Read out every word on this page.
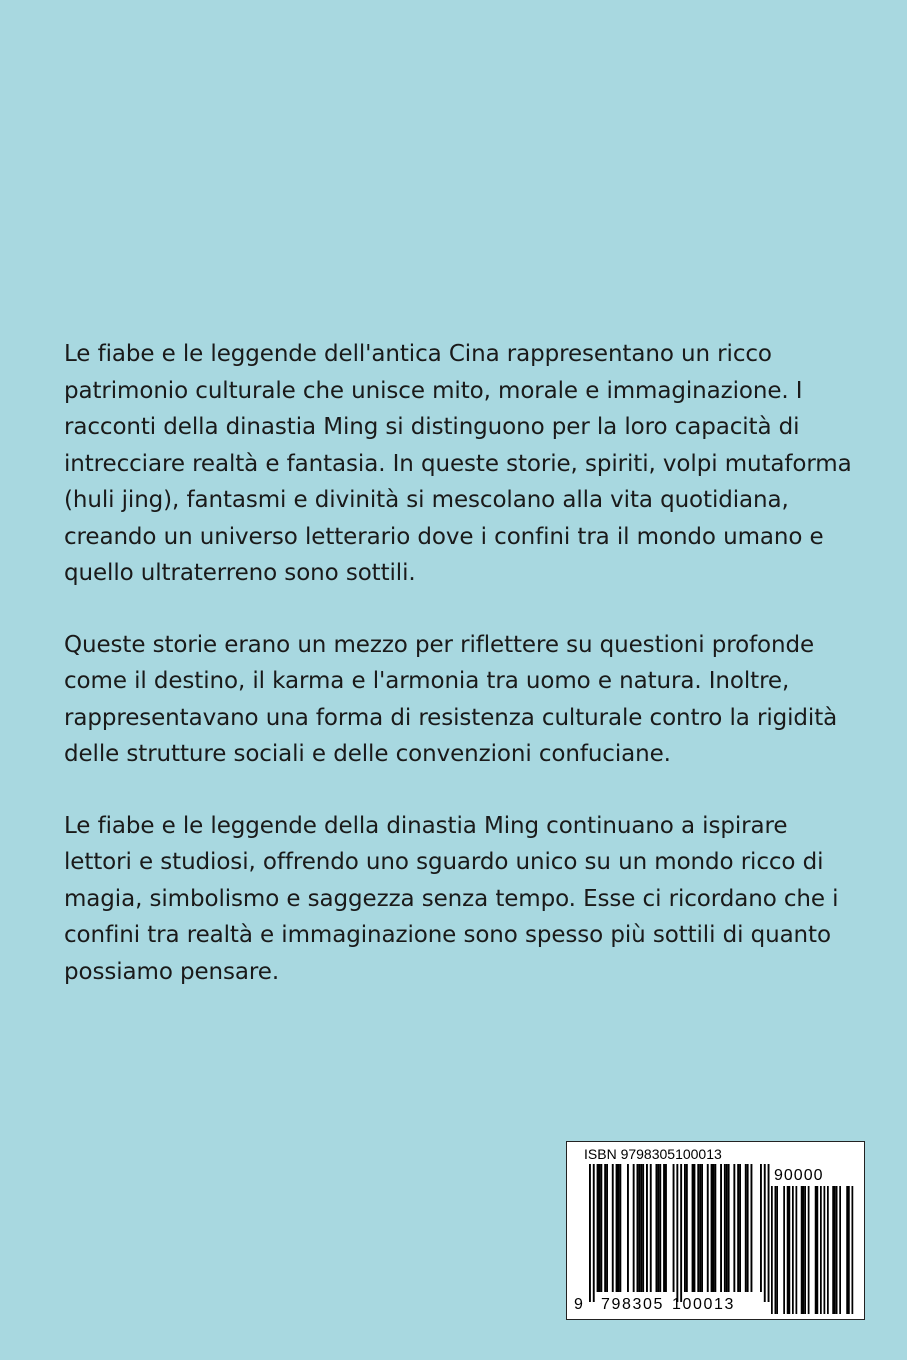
Le fiabe e le leggende dell'antica Cina rappresentano un ricco patrimonio culturale che unisce mito, morale e immaginazione. I racconti della dinastia Ming si distinguono per la loro capacità di intrecciare realtà e fantasia. In queste storie, spiriti, volpi mutaforma (huli jing), fantasmi e divinità si mescolano alla vita quotidiana, creando un universo letterario dove i confini tra il mondo umano e quello ultraterreno sono sottili.

Queste storie erano un mezzo per riflettere su questioni profonde come il destino, il karma e l'armonia tra uomo e natura. Inoltre, rappresentavano una forma di resistenza culturale contro la rigidità delle strutture sociali e delle convenzioni confuciane.

Le fiabe e le leggende della dinastia Ming continuano a ispirare lettori e studiosi, offrendo uno sguardo unico su un mondo ricco di magia, simbolismo e saggezza senza tempo. Esse ci ricordano che i confini tra realtà e immaginazione sono spesso più sottili di quanto possiamo pensare.

ISBN 9798305100013
90000
9 798305 100013
